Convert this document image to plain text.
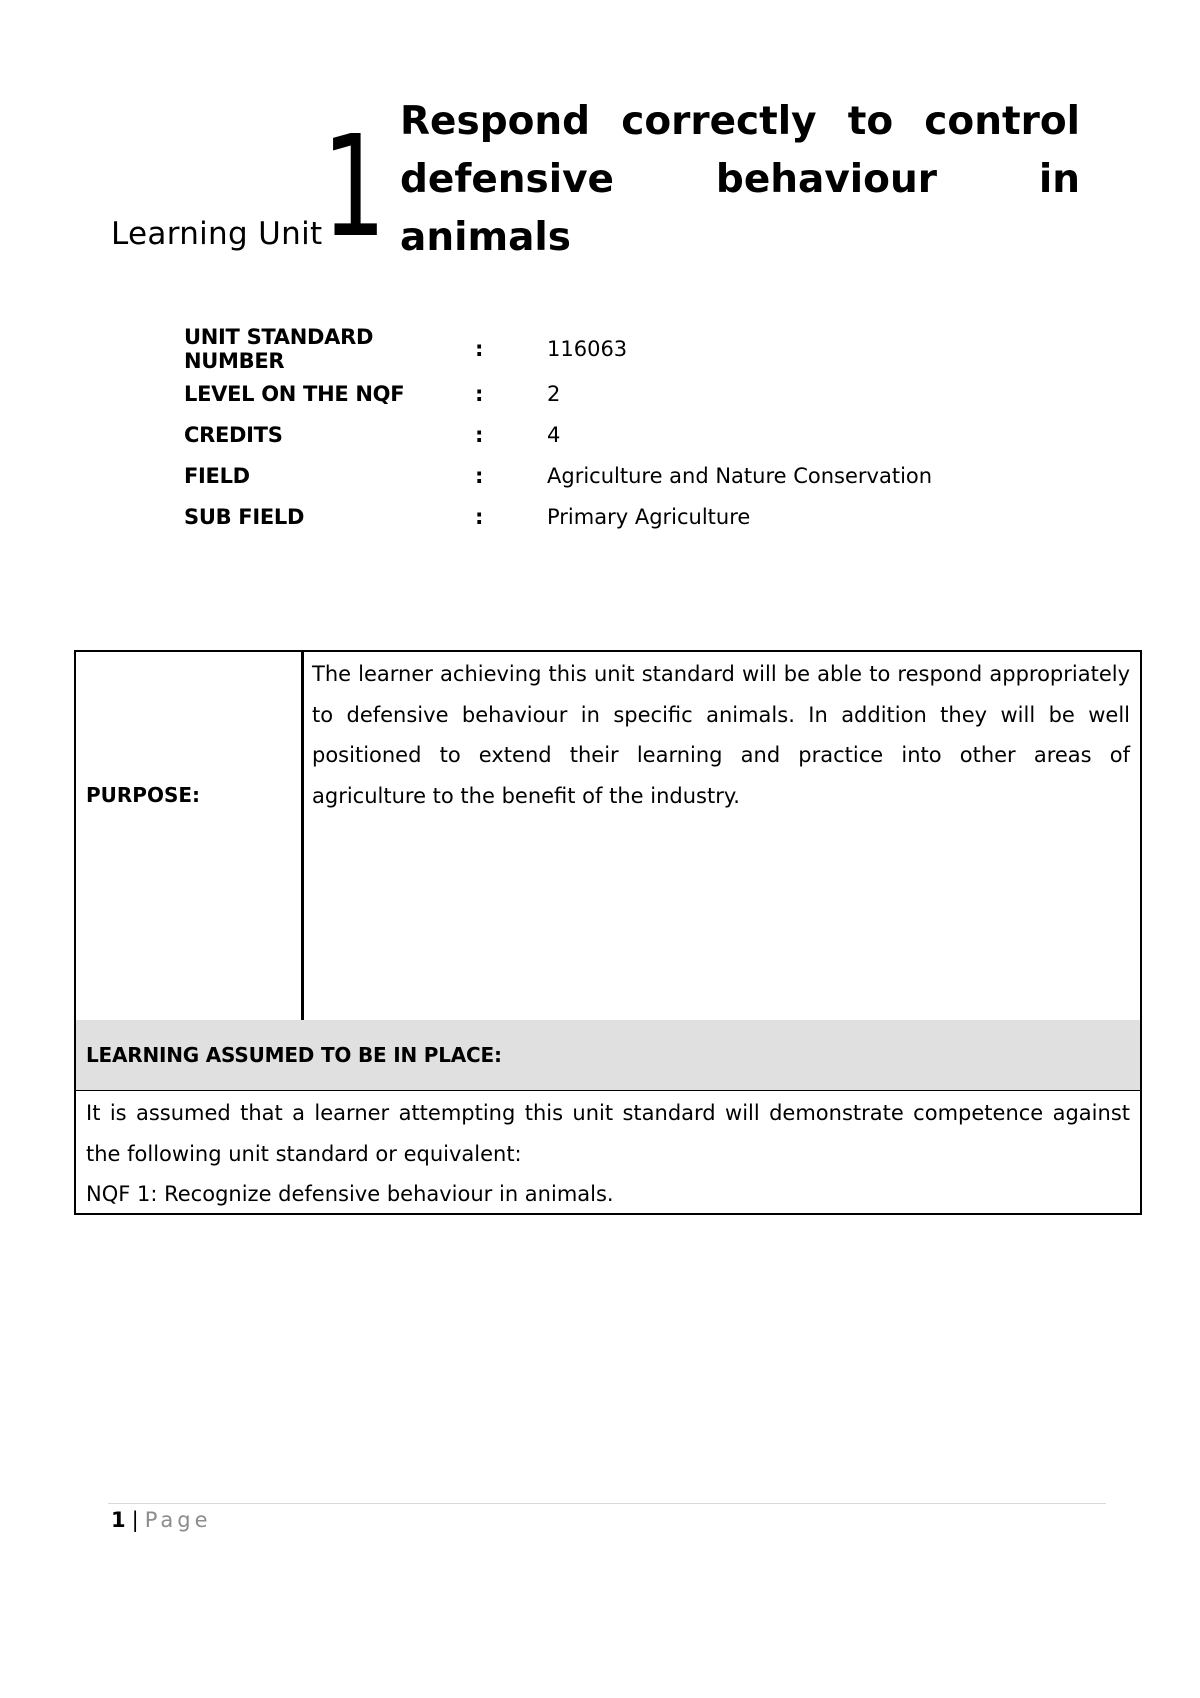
Learning Unit 1 Respond correctly to control defensive behaviour in animals
UNIT STANDARD NUMBER	:	116063
LEVEL ON THE NQF	:	2
CREDITS	:	4
FIELD	:	Agriculture and Nature Conservation
SUB FIELD	:	Primary Agriculture
PURPOSE:

The learner achieving this unit standard will be able to respond appropriately to defensive behaviour in specific animals. In addition they will be well positioned to extend their learning and practice into other areas of agriculture to the benefit of the industry.

LEARNING ASSUMED TO BE IN PLACE:
It is assumed that a learner attempting this unit standard will demonstrate competence against the following unit standard or equivalent:
NQF 1: Recognize defensive behaviour in animals.
1 | Page
